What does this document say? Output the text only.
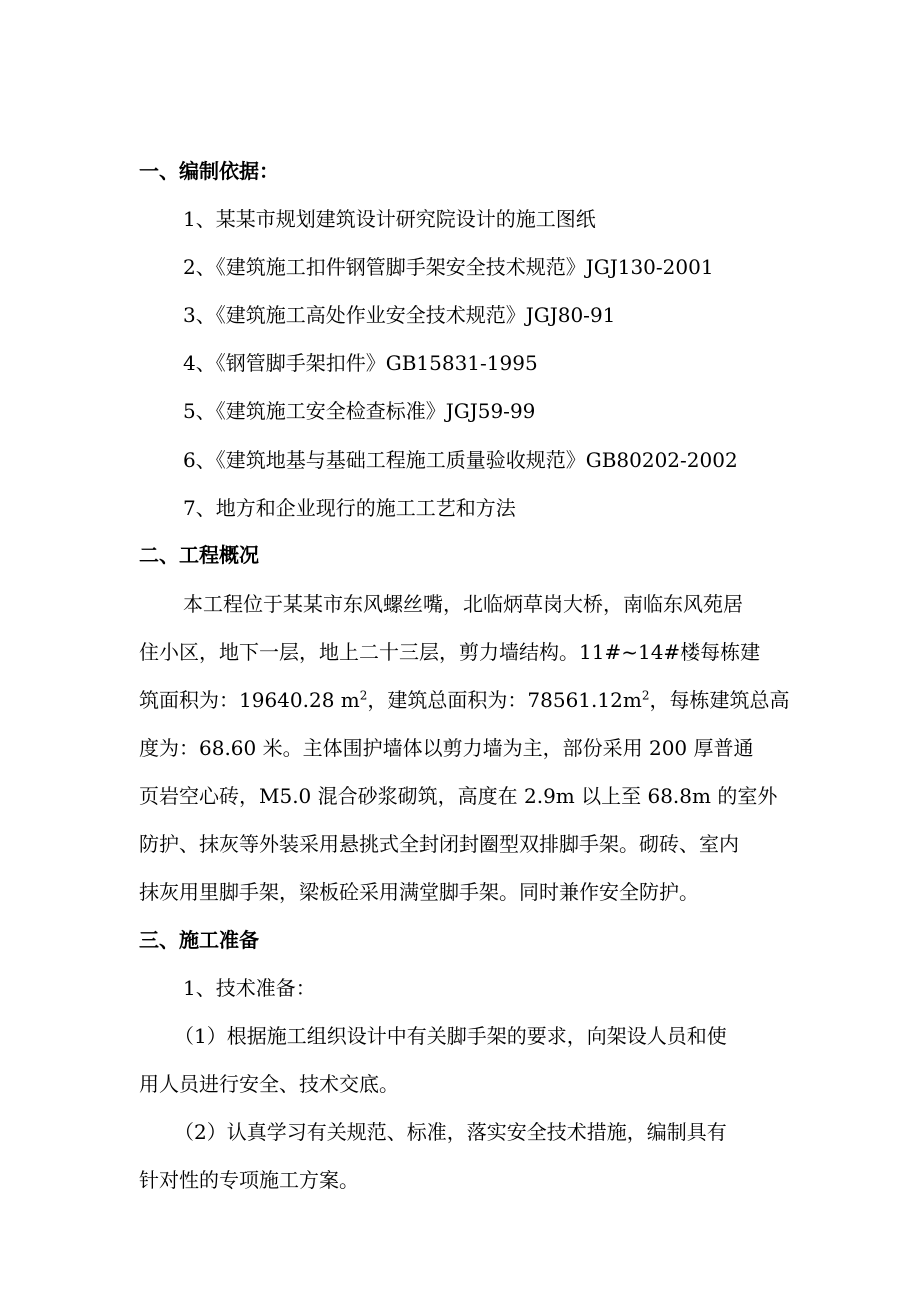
一、编制依据：
1、某某市规划建筑设计研究院设计的施工图纸
2、《建筑施工扣件钢管脚手架安全技术规范》JGJ130-2001
3、《建筑施工高处作业安全技术规范》JGJ80-91
4、《钢管脚手架扣件》GB15831-1995
5、《建筑施工安全检查标准》JGJ59-99
6、《建筑地基与基础工程施工质量验收规范》GB80202-2002
7、地方和企业现行的施工工艺和方法
二、工程概况
本工程位于某某市东风螺丝嘴，北临炳草岗大桥，南临东风苑居
住小区，地下一层，地上二十三层，剪力墙结构。11#~14#楼每栋建
筑面积为：19640.28 $m^2$，建筑总面积为：$78561.12m^2$，每栋建筑总高
度为：68.60 米。主体围护墙体以剪力墙为主，部份采用 200 厚普通
页岩空心砖，M5.0 混合砂浆砌筑，高度在 2.9m 以上至 68.8m 的室外
防护、抹灰等外装采用悬挑式全封闭封圈型双排脚手架。砌砖、室内
抹灰用里脚手架，梁板砼采用满堂脚手架。同时兼作安全防护。
三、施工准备
1、技术准备：
（1）根据施工组织设计中有关脚手架的要求，向架设人员和使
用人员进行安全、技术交底。
（2）认真学习有关规范、标准，落实安全技术措施，编制具有
针对性的专项施工方案。
